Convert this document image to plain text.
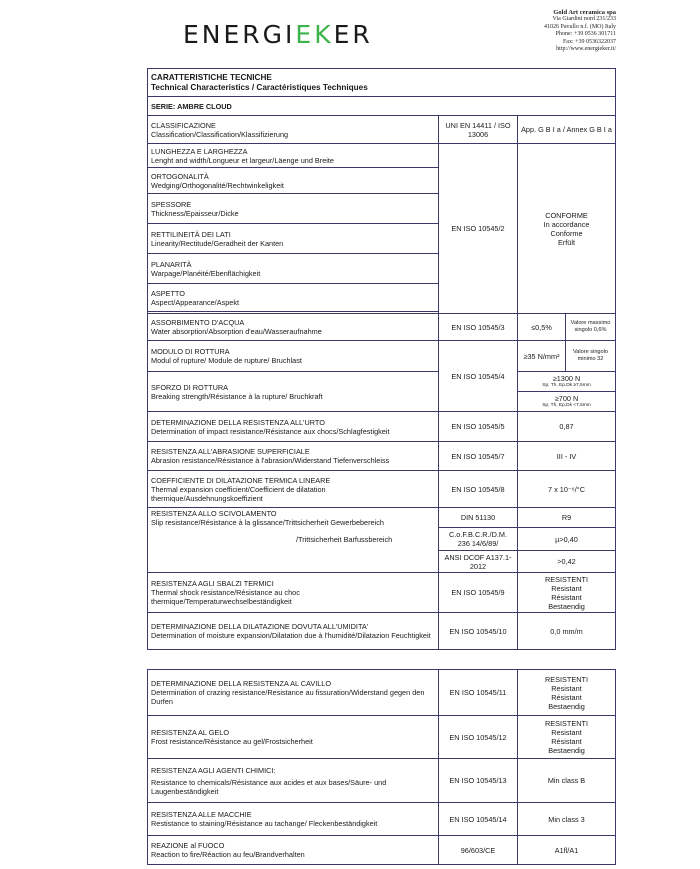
ENERGIEKER
Gold Art ceramica spa
Via Giardini nord 231/233
41026 Pavullo n.f. (MO) Italy
Phone: +39 0536 301711
Fax: +39 0536322037
http://www.energieker.it/
CARATTERISTICHE TECNICHE
Technical Characteristics / Caractéristiques Techniques			

SERIE: AMBRE CLOUD			

CLASSIFICAZIONE
Classification/Classification/Klassifizierung	UNI EN 14411 / ISO 13006	App. G B I a / Annex G B I a	

LUNGHEZZA E LARGHEZZA
Lenght and width/Longueur et largeur/Läenge und Breite	EN ISO 10545/2	CONFORME
In accordance
Conforme
Erfült	

ORTOGONALITÀ
Wedging/Orthogonalité/Rechtwinkeligkeit			

SPESSORE
Thickness/Epaisseur/Dicke			

RETTILINEITÀ DEI LATI
Linearity/Rectitude/Geradheit der Kanten			

PLANARITÀ
Warpage/Planéité/Ebenflächigkeit			

ASPETTO
Aspect/Appearance/Aspekt			

ASSORBIMENTO D'ACQUA
Water absorption/Absorption d'eau/Wasseraufnahme	EN ISO 10545/3	≤0,5%	Valore massimo singolo 0,6%

MODULO DI ROTTURA
Modul of rupture/ Module de rupture/ Bruchlast	EN ISO 10545/4	≥35 N/mm²	Valore singolo minimo 32

SFORZO DI ROTTURA
Breaking strength/Résistance à la rupture/ Bruchkraft		≥1300 N
Sp, Th, Ep,Dk ≥7,5mm	

		≥700 N
Sp, Th, Ep,Dk <7,5mm	

DETERMINAZIONE DELLA RESISTENZA ALL'URTO
Determination of impact resistance/Résistance aux chocs/Schlagfestigkeit	EN ISO 10545/5	0,87	

RESISTENZA ALL'ABRASIONE SUPERFICIALE
Abrasion resistance/Résistance à l'abrasion/Widerstand Tiefenverschleiss	EN ISO 10545/7	III - IV	

COEFFICIENTE DI DILATAZIONE TERMICA LINEARE
Thermal expansion coefficient/Coefficient de dilatation thermique/Ausdehnungskoeffizient	EN ISO 10545/8	7 x 10⁻⁶/°C	

RESISTENZA ALLO SCIVOLAMENTO
Slip resistance/Résistance à la glissance/Trittsicherheit Gewerbebereich
/Trittsicherheit Barfussbereich	DIN 51130	R9	
	C.o.F.B.C.R./D.M. 236 14/6/89/	µ>0,40	
	ANSI DCOF A137.1-2012	>0,42	

RESISTENZA AGLI SBALZI TERMICI
Thermal shock resistance/Résistance au choc thermique/Temperaturwechselbeständigkeit	EN ISO 10545/9	RESISTENTI
Resistant
Résistant
Bestaendig	

DETERMINAZIONE DELLA DILATAZIONE DOVUTA ALL'UMIDITA'
Determination of moisture expansion/Dilatation due à l'humidité/Dilatazion Feuchtigkeit	EN ISO 10545/10	0,0 mm/m	
DETERMINAZIONE DELLA RESISTENZA AL CAVILLO
Determination of crazing resistance/Resistance au fissuration/Widerstand gegen den Durfen	EN ISO 10545/11	RESISTENTI
Resistant
Résistant
Bestaendig

RESISTENZA AL GELO
Frost resistance/Résistance au gel/Frostsicherheit	EN ISO 10545/12	RESISTENTI
Resistant
Résistant
Bestaendig

RESISTENZA AGLI AGENTI CHIMICI:
Resistance to chemicals/Résistance aux acides et aux bases/Säure- und Laugenbeständigkeit	EN ISO 10545/13	Min class B

RESISTENZA ALLE MACCHIE
Restistance to staining/Résistance au tachange/ Fleckenbeständigkeit	EN ISO 10545/14	Min class 3

REAZIONE al FUOCO
Reaction to fire/Réaction au feu/Brandverhalten	96/603/CE	A1fl/A1
